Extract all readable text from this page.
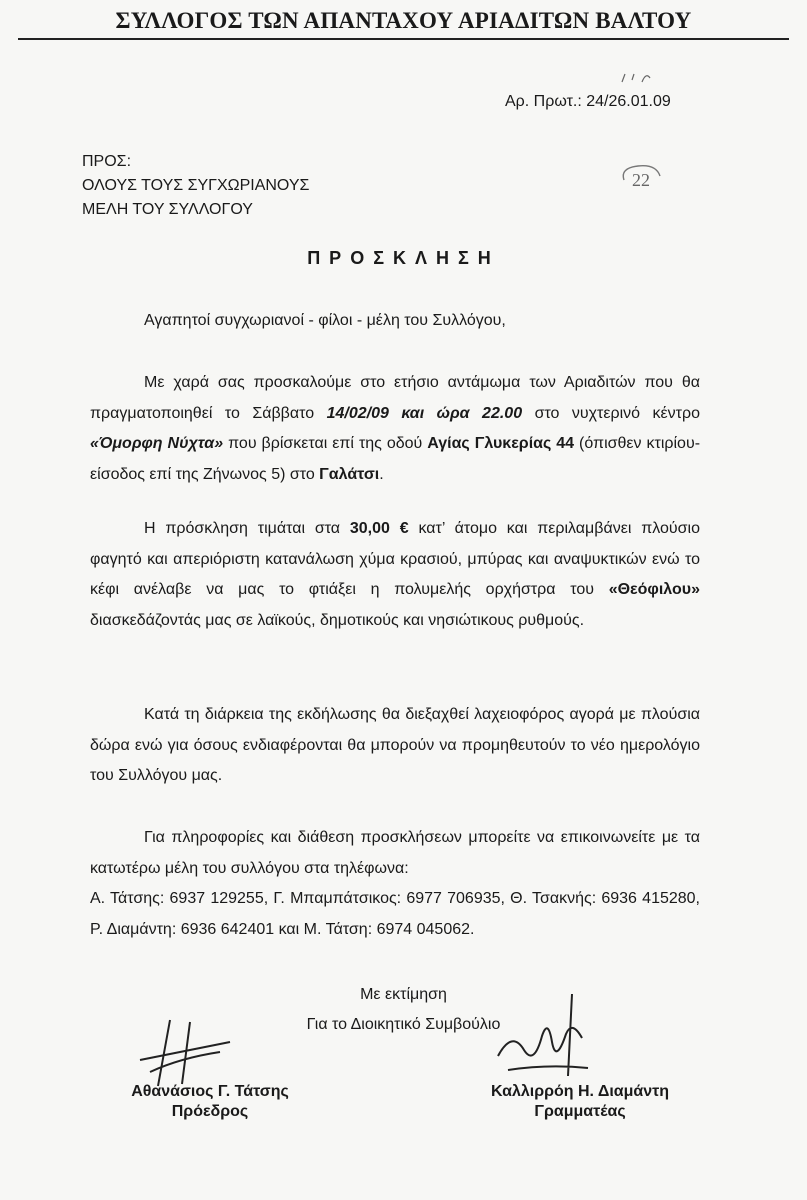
ΣΥΛΛΟΓΟΣ ΤΩΝ ΑΠΑΝΤΑΧΟΥ ΑΡΙΑΔΙΤΩΝ ΒΑΛΤΟΥ
Αρ. Πρωτ.: 24/26.01.09
22
ΠΡΟΣ:
ΟΛΟΥΣ ΤΟΥΣ ΣΥΓΧΩΡΙΑΝΟΥΣ
ΜΕΛΗ ΤΟΥ ΣΥΛΛΟΓΟΥ
ΠΡΟΣΚΛΗΣΗ

Αγαπητοί συγχωριανοί - φίλοι - μέλη του Συλλόγου,

Με χαρά σας προσκαλούμε στο ετήσιο αντάμωμα των Αριαδιτών που θα πραγματοποιηθεί το Σάββατο 14/02/09 και ώρα 22.00 στο νυχτερινό κέντρο «Όμορφη Νύχτα» που βρίσκεται επί της οδού Αγίας Γλυκερίας 44 (όπισθεν κτιρίου-είσοδος επί της Ζήνωνος 5) στο Γαλάτσι.

Η πρόσκληση τιμάται στα 30,00 € κατ’ άτομο και περιλαμβάνει πλούσιο φαγητό και απεριόριστη κατανάλωση χύμα κρασιού, μπύρας και αναψυκτικών ενώ το κέφι ανέλαβε να μας το φτιάξει η πολυμελής ορχήστρα του «Θεόφιλου» διασκεδάζοντάς μας σε λαϊκούς, δημοτικούς και νησιώτικους ρυθμούς.

Κατά τη διάρκεια της εκδήλωσης θα διεξαχθεί λαχειοφόρος αγορά με πλούσια δώρα ενώ για όσους ενδιαφέρονται θα μπορούν να προμηθευτούν το νέο ημερολόγιο του Συλλόγου μας.

Για πληροφορίες και διάθεση προσκλήσεων μπορείτε να επικοινωνείτε με τα κατωτέρω μέλη του συλλόγου στα τηλέφωνα:

Α. Τάτσης: 6937 129255, Γ. Μπαμπάτσικος: 6977 706935, Θ. Τσακνής: 6936 415280, Ρ. Διαμάντη: 6936 642401 και Μ. Τάτση: 6974 045062.

Με εκτίμηση
Για το Διοικητικό Συμβούλιο
Αθανάσιος Γ. Τάτσης
Πρόεδρος
Καλλιρρόη Η. Διαμάντη
Γραμματέας
